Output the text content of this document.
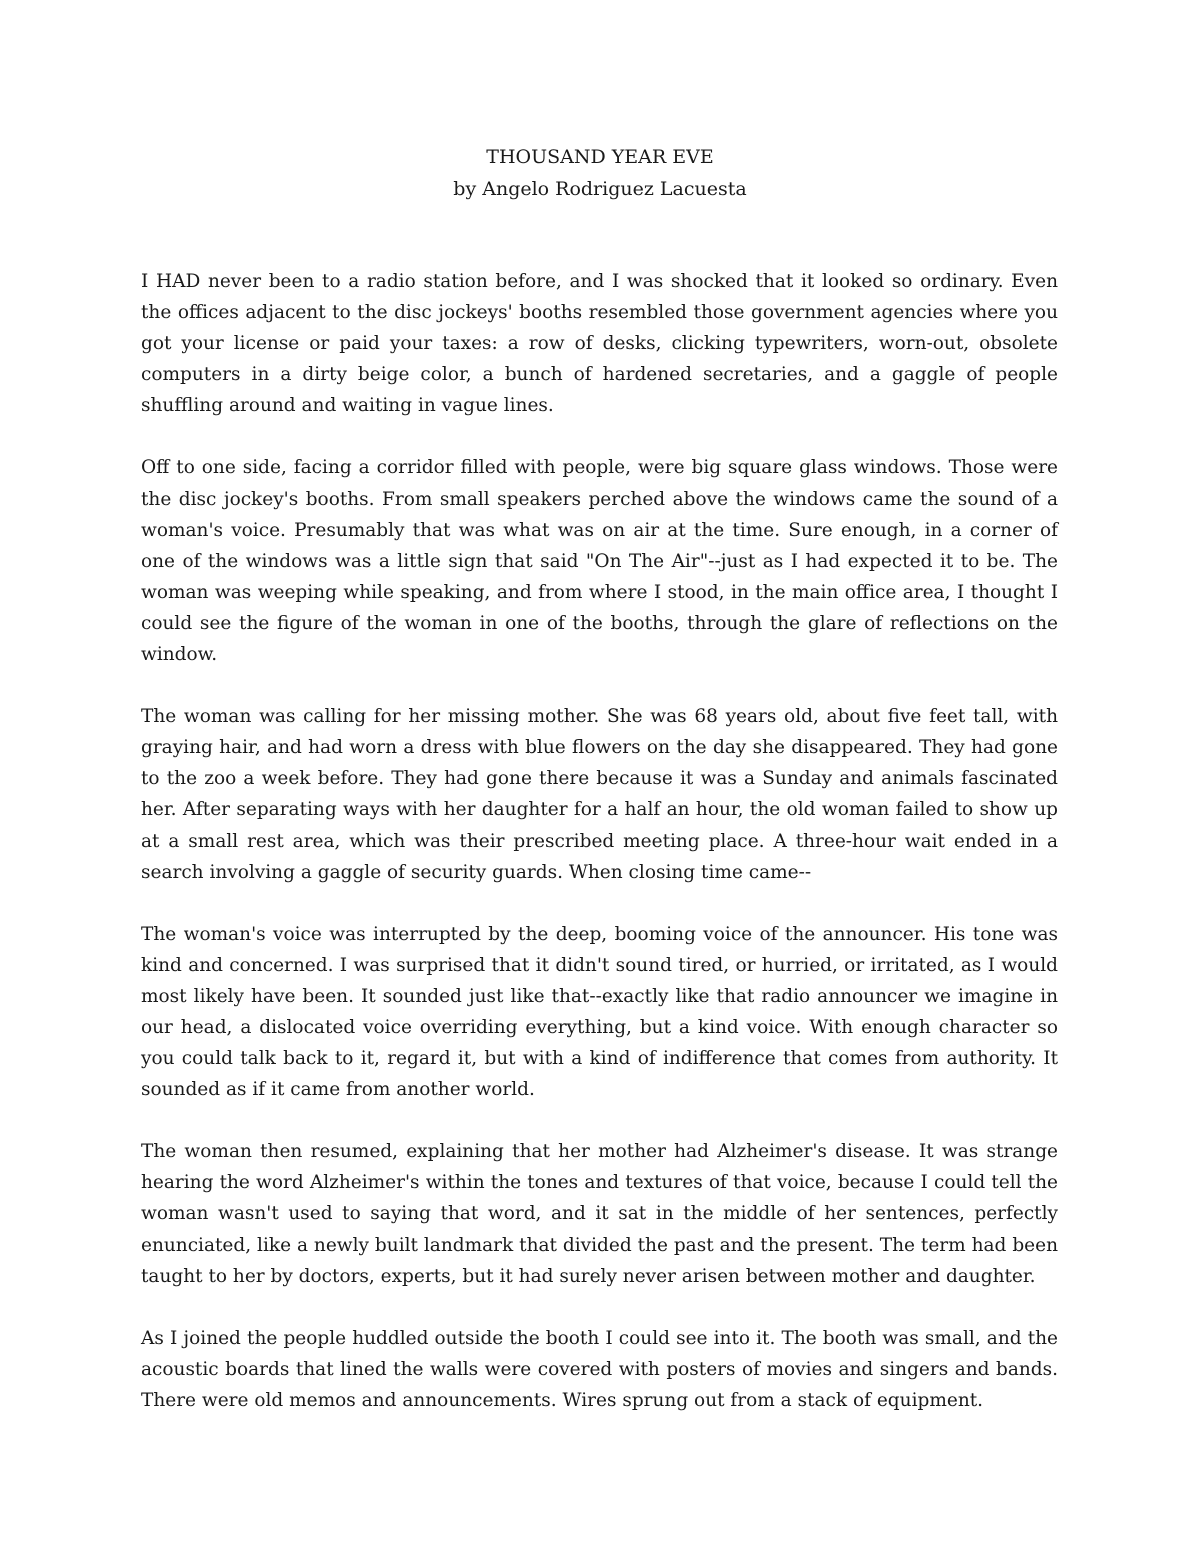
THOUSAND YEAR EVE
by Angelo Rodriguez Lacuesta

I HAD never been to a radio station before, and I was shocked that it looked so ordinary. Even the offices adjacent to the disc jockeys' booths resembled those government agencies where you got your license or paid your taxes: a row of desks, clicking typewriters, worn-out, obsolete computers in a dirty beige color, a bunch of hardened secretaries, and a gaggle of people shuffling around and waiting in vague lines.

Off to one side, facing a corridor filled with people, were big square glass windows. Those were the disc jockey's booths. From small speakers perched above the windows came the sound of a woman's voice. Presumably that was what was on air at the time. Sure enough, in a corner of one of the windows was a little sign that said "On The Air"--just as I had expected it to be. The woman was weeping while speaking, and from where I stood, in the main office area, I thought I could see the figure of the woman in one of the booths, through the glare of reflections on the window.

The woman was calling for her missing mother. She was 68 years old, about five feet tall, with graying hair, and had worn a dress with blue flowers on the day she disappeared. They had gone to the zoo a week before. They had gone there because it was a Sunday and animals fascinated her. After separating ways with her daughter for a half an hour, the old woman failed to show up at a small rest area, which was their prescribed meeting place. A three-hour wait ended in a search involving a gaggle of security guards. When closing time came--

The woman's voice was interrupted by the deep, booming voice of the announcer. His tone was kind and concerned. I was surprised that it didn't sound tired, or hurried, or irritated, as I would most likely have been. It sounded just like that--exactly like that radio announcer we imagine in our head, a dislocated voice overriding everything, but a kind voice. With enough character so you could talk back to it, regard it, but with a kind of indifference that comes from authority. It sounded as if it came from another world.

The woman then resumed, explaining that her mother had Alzheimer's disease. It was strange hearing the word Alzheimer's within the tones and textures of that voice, because I could tell the woman wasn't used to saying that word, and it sat in the middle of her sentences, perfectly enunciated, like a newly built landmark that divided the past and the present. The term had been taught to her by doctors, experts, but it had surely never arisen between mother and daughter.

As I joined the people huddled outside the booth I could see into it. The booth was small, and the acoustic boards that lined the walls were covered with posters of movies and singers and bands. There were old memos and announcements. Wires sprung out from a stack of equipment.
